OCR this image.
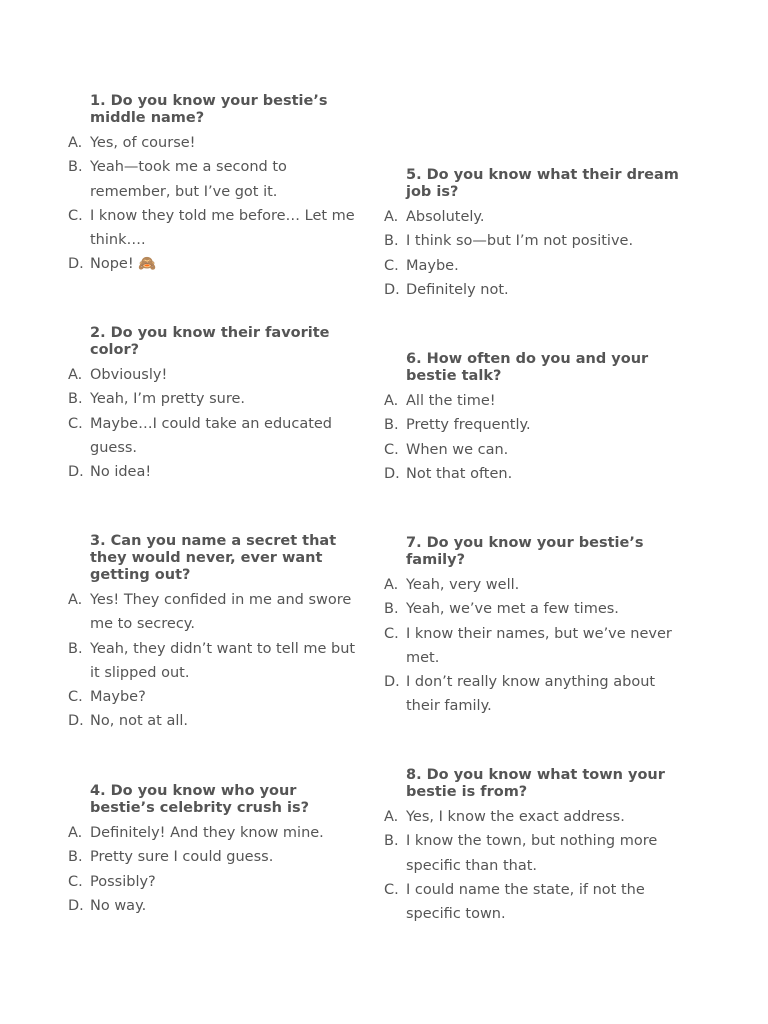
1. Do you know your bestie’s middle name?
A. Yes, of course!
B. Yeah—took me a second to remember, but I’ve got it.
C. I know they told me before… Let me think….
D. Nope! 🙈
2. Do you know their favorite color?
A. Obviously!
B. Yeah, I’m pretty sure.
C. Maybe…I could take an educated guess.
D. No idea!
3. Can you name a secret that they would never, ever want getting out?
A. Yes! They confided in me and swore me to secrecy.
B. Yeah, they didn’t want to tell me but it slipped out.
C. Maybe?
D. No, not at all.
4. Do you know who your bestie’s celebrity crush is?
A. Definitely! And they know mine.
B. Pretty sure I could guess.
C. Possibly?
D. No way.
5. Do you know what their dream job is?
A. Absolutely.
B. I think so—but I’m not positive.
C. Maybe.
D. Definitely not.
6. How often do you and your bestie talk?
A. All the time!
B. Pretty frequently.
C. When we can.
D. Not that often.
7. Do you know your bestie’s family?
A. Yeah, very well.
B. Yeah, we’ve met a few times.
C. I know their names, but we’ve never met.
D. I don’t really know anything about their family.
8. Do you know what town your bestie is from?
A. Yes, I know the exact address.
B. I know the town, but nothing more specific than that.
C. I could name the state, if not the specific town.
